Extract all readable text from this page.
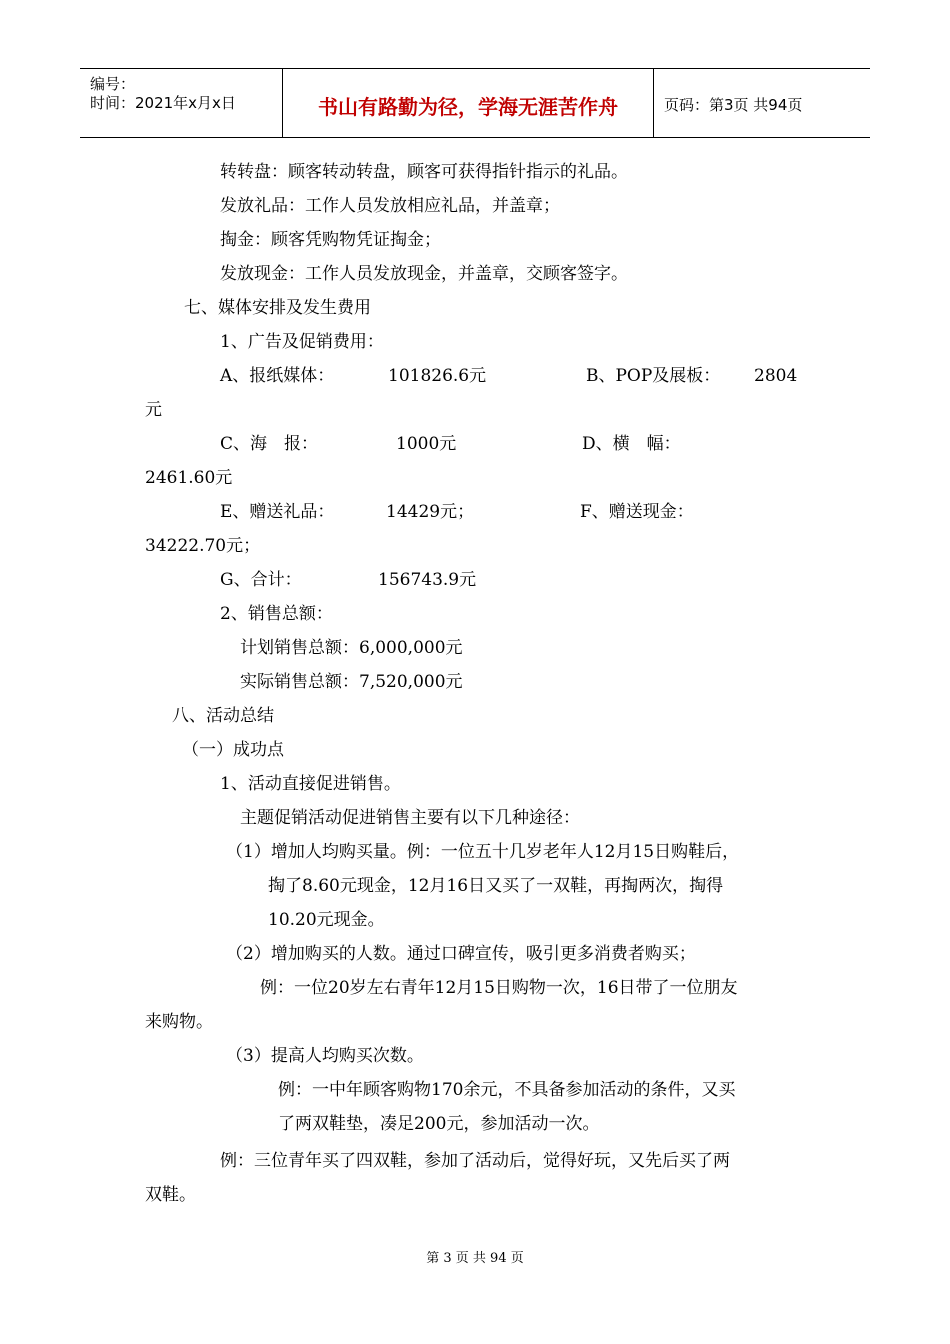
编号：
时间：2021年x月x日	书山有路勤为径，学海无涯苦作舟	页码：第3页 共94页
转转盘：顾客转动转盘，顾客可获得指针指示的礼品。
发放礼品：工作人员发放相应礼品，并盖章；
掏金：顾客凭购物凭证掏金；
发放现金：工作人员发放现金，并盖章，交顾客签字。
七、媒体安排及发生费用
1、广告及促销费用：
A、报纸媒体：	101826.6元	B、POP及展板： 2804
元
C、海　报：	1000元	D、横　幅：
2461.60元
E、赠送礼品：	14429元；	F、赠送现金：
34222.70元；
G、合计：	156743.9元
2、销售总额：
计划销售总额：6,000,000元
实际销售总额：7,520,000元
八、活动总结
（一）成功点
1、活动直接促进销售。
主题促销活动促进销售主要有以下几种途径：
（1）增加人均购买量。例：一位五十几岁老年人12月15日购鞋后，
掏了8.60元现金，12月16日又买了一双鞋，再掏两次，掏得
10.20元现金。
（2）增加购买的人数。通过口碑宣传，吸引更多消费者购买；
例：一位20岁左右青年12月15日购物一次，16日带了一位朋友
来购物。
（3）提高人均购买次数。
例：一中年顾客购物170余元，不具备参加活动的条件，又买
了两双鞋垫，凑足200元，参加活动一次。
例：三位青年买了四双鞋，参加了活动后，觉得好玩，又先后买了两
双鞋。
第 3 页 共 94 页
